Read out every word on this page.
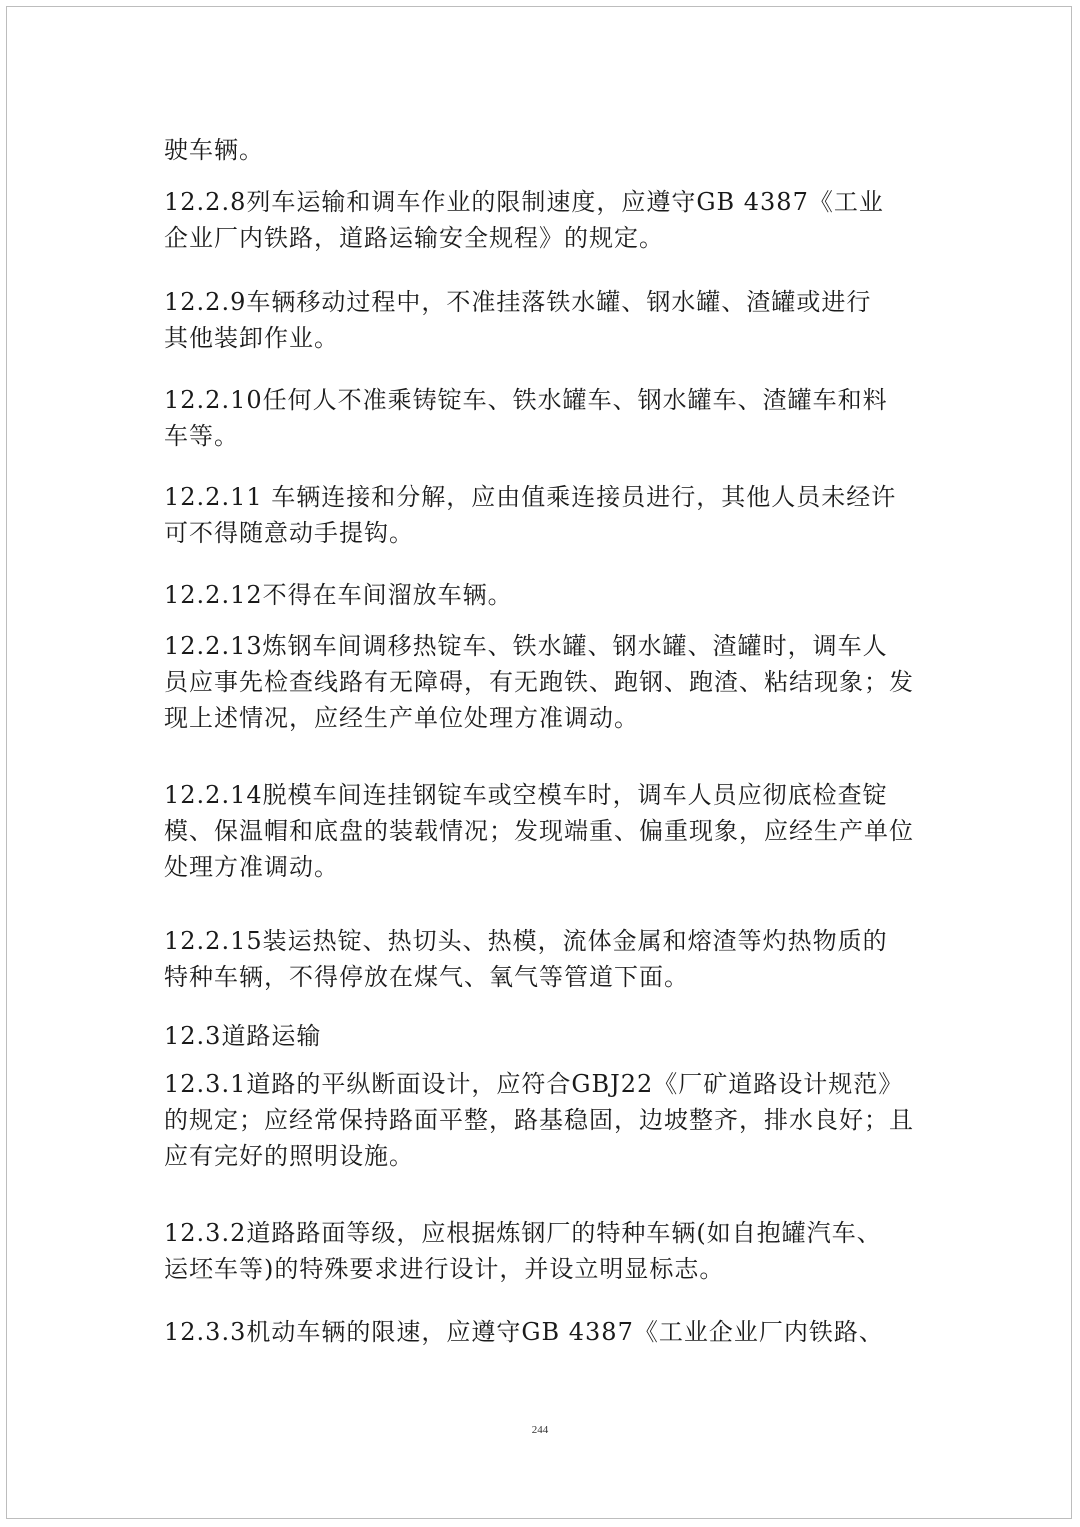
驶车辆。

12.2.8列车运输和调车作业的限制速度，应遵守GB 4387《工业
企业厂内铁路，道路运输安全规程》的规定。

12.2.9车辆移动过程中，不准挂落铁水罐、钢水罐、渣罐或进行
其他装卸作业。

12.2.10任何人不准乘铸锭车、铁水罐车、钢水罐车、渣罐车和料
车等。

12.2.11 车辆连接和分解，应由值乘连接员进行，其他人员未经许
可不得随意动手提钩。

12.2.12不得在车间溜放车辆。

12.2.13炼钢车间调移热锭车、铁水罐、钢水罐、渣罐时，调车人
员应事先检查线路有无障碍，有无跑铁、跑钢、跑渣、粘结现象；发
现上述情况，应经生产单位处理方准调动。

12.2.14脱模车间连挂钢锭车或空模车时，调车人员应彻底检查锭
模、保温帽和底盘的装载情况；发现端重、偏重现象，应经生产单位
处理方准调动。

12.2.15装运热锭、热切头、热模，流体金属和熔渣等灼热物质的
特种车辆，不得停放在煤气、氧气等管道下面。

12.3道路运输

12.3.1道路的平纵断面设计，应符合GBJ22《厂矿道路设计规范》
的规定；应经常保持路面平整，路基稳固，边坡整齐，排水良好；且
应有完好的照明设施。

12.3.2道路路面等级，应根据炼钢厂的特种车辆(如自抱罐汽车、
运坯车等)的特殊要求进行设计，并设立明显标志。

12.3.3机动车辆的限速，应遵守GB 4387《工业企业厂内铁路、

244
